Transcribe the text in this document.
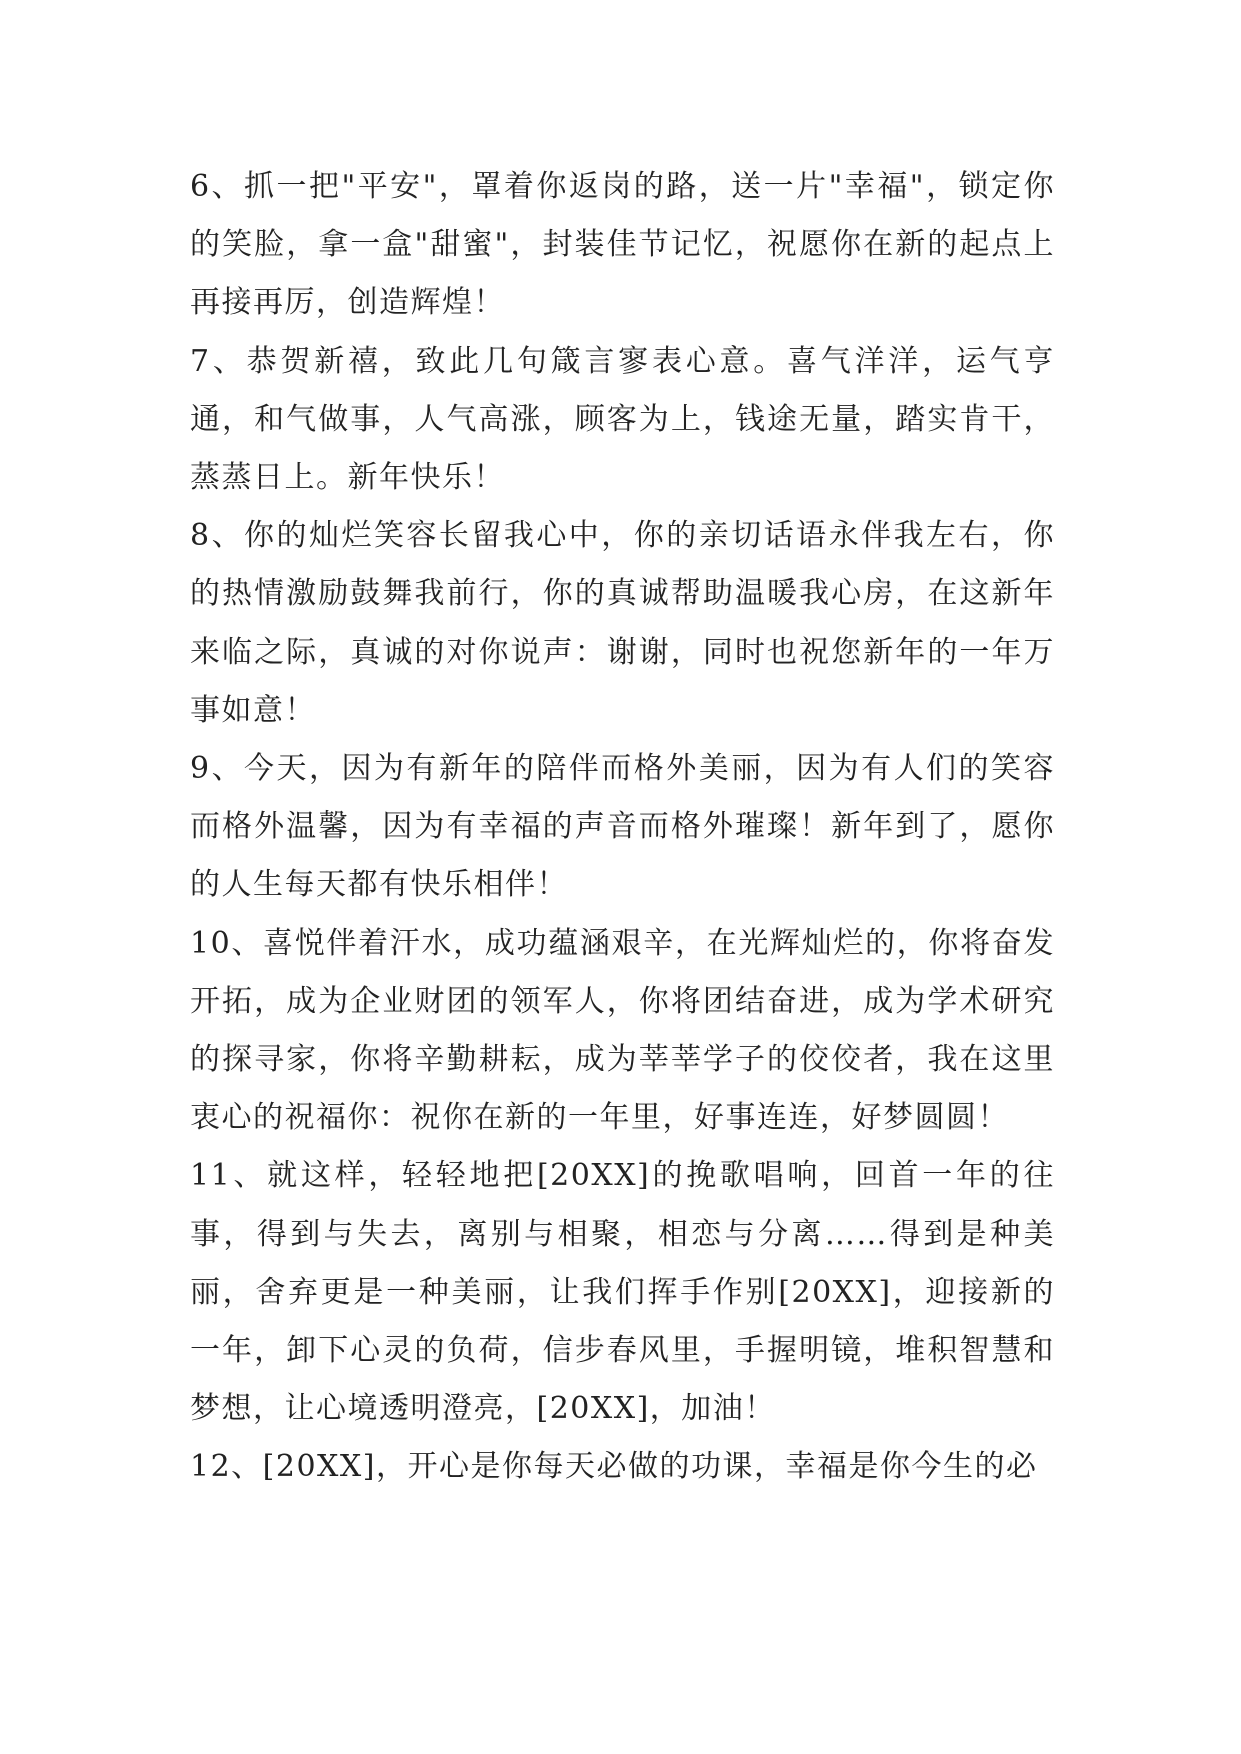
6、抓一把"平安"，罩着你返岗的路，送一片"幸福"，锁定你的笑脸，拿一盒"甜蜜"，封装佳节记忆，祝愿你在新的起点上再接再厉，创造辉煌！

7、恭贺新禧，致此几句箴言寥表心意。喜气洋洋，运气亨通，和气做事，人气高涨，顾客为上，钱途无量，踏实肯干，蒸蒸日上。新年快乐！

8、你的灿烂笑容长留我心中，你的亲切话语永伴我左右，你的热情激励鼓舞我前行，你的真诚帮助温暖我心房，在这新年来临之际，真诚的对你说声：谢谢，同时也祝您新年的一年万事如意！

9、今天，因为有新年的陪伴而格外美丽，因为有人们的笑容而格外温馨，因为有幸福的声音而格外璀璨！新年到了，愿你的人生每天都有快乐相伴！

10、喜悦伴着汗水，成功蕴涵艰辛，在光辉灿烂的，你将奋发开拓，成为企业财团的领军人，你将团结奋进，成为学术研究的探寻家，你将辛勤耕耘，成为莘莘学子的佼佼者，我在这里衷心的祝福你：祝你在新的一年里，好事连连，好梦圆圆！

11、就这样，轻轻地把[20XX]的挽歌唱响，回首一年的往事，得到与失去，离别与相聚，相恋与分离……得到是种美丽，舍弃更是一种美丽，让我们挥手作别[20XX]，迎接新的一年，卸下心灵的负荷，信步春风里，手握明镜，堆积智慧和梦想，让心境透明澄亮，[20XX]，加油！

12、[20XX]，开心是你每天必做的功课，幸福是你今生的必
